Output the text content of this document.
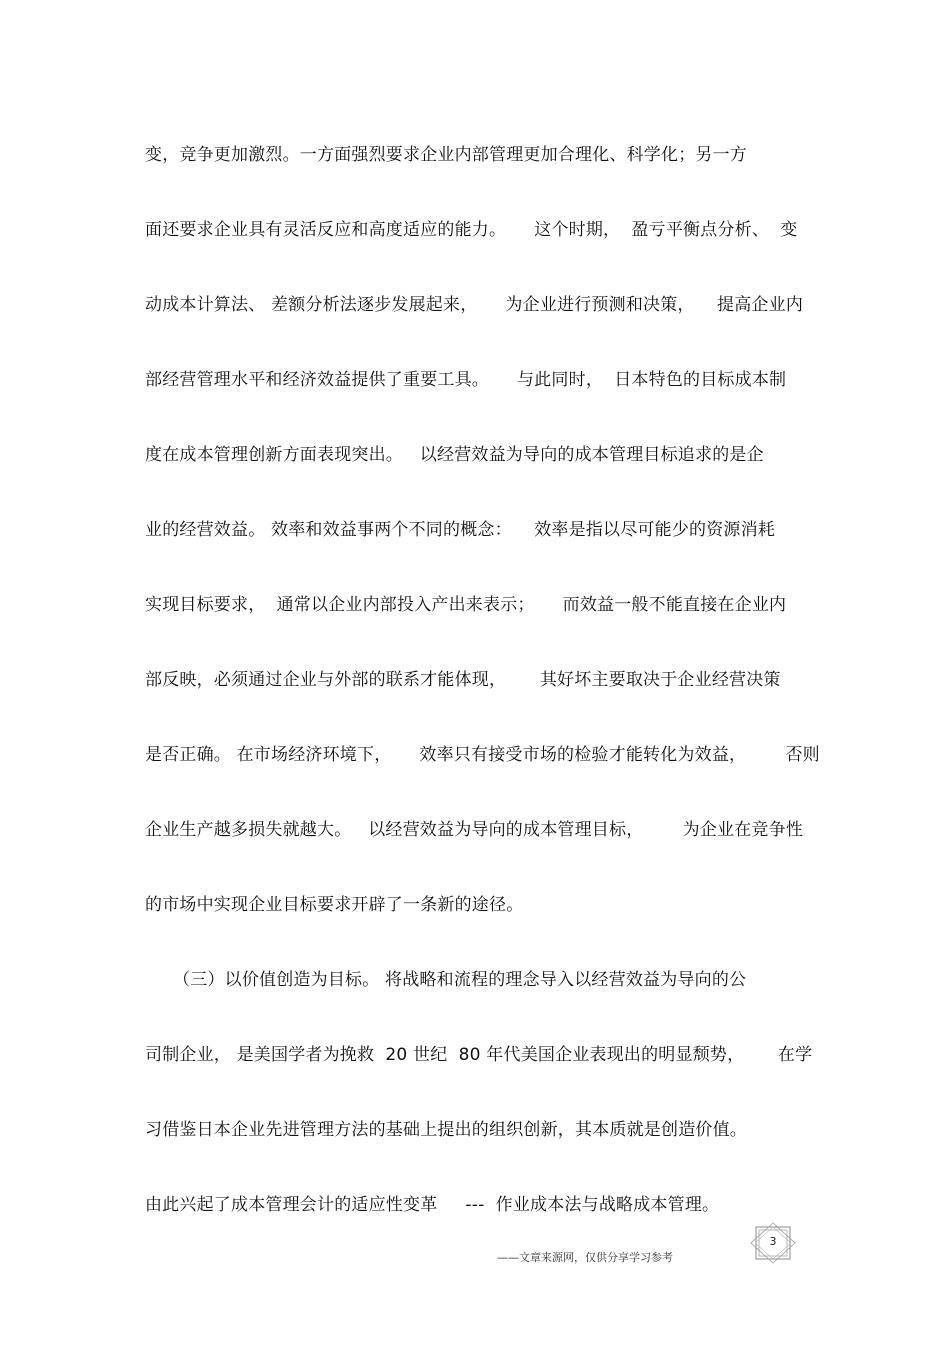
变，竞争更加激烈。一方面强烈要求企业内部管理更加合理化、科学化；另一方
面还要求企业具有灵活反应和高度适应的能力。     这个时期，  盈亏平衡点分析、  变
动成本计算法、 差额分析法逐步发展起来，     为企业进行预测和决策，    提高企业内
部经营管理水平和经济效益提供了重要工具。     与此同时，  日本特色的目标成本制
度在成本管理创新方面表现突出。   以经营效益为导向的成本管理目标追求的是企
业的经营效益。 效率和效益事两个不同的概念：    效率是指以尽可能少的资源消耗
实现目标要求，  通常以企业内部投入产出来表示；     而效益一般不能直接在企业内
部反映，必须通过企业与外部的联系才能体现，      其好坏主要取决于企业经营决策
是否正确。 在市场经济环境下，     效率只有接受市场的检验才能转化为效益，       否则
企业生产越多损失就越大。   以经营效益为导向的成本管理目标，       为企业在竞争性
的市场中实现企业目标要求开辟了一条新的途径。
（三）以价值创造为目标。 将战略和流程的理念导入以经营效益为导向的公
司制企业， 是美国学者为挽救  20 世纪  80 年代美国企业表现出的明显颓势，      在学
习借鉴日本企业先进管理方法的基础上提出的组织创新，其本质就是创造价值。
由此兴起了成本管理会计的适应性变革     ---  作业成本法与战略成本管理。
3
——文章来源网，仅供分享学习参考
